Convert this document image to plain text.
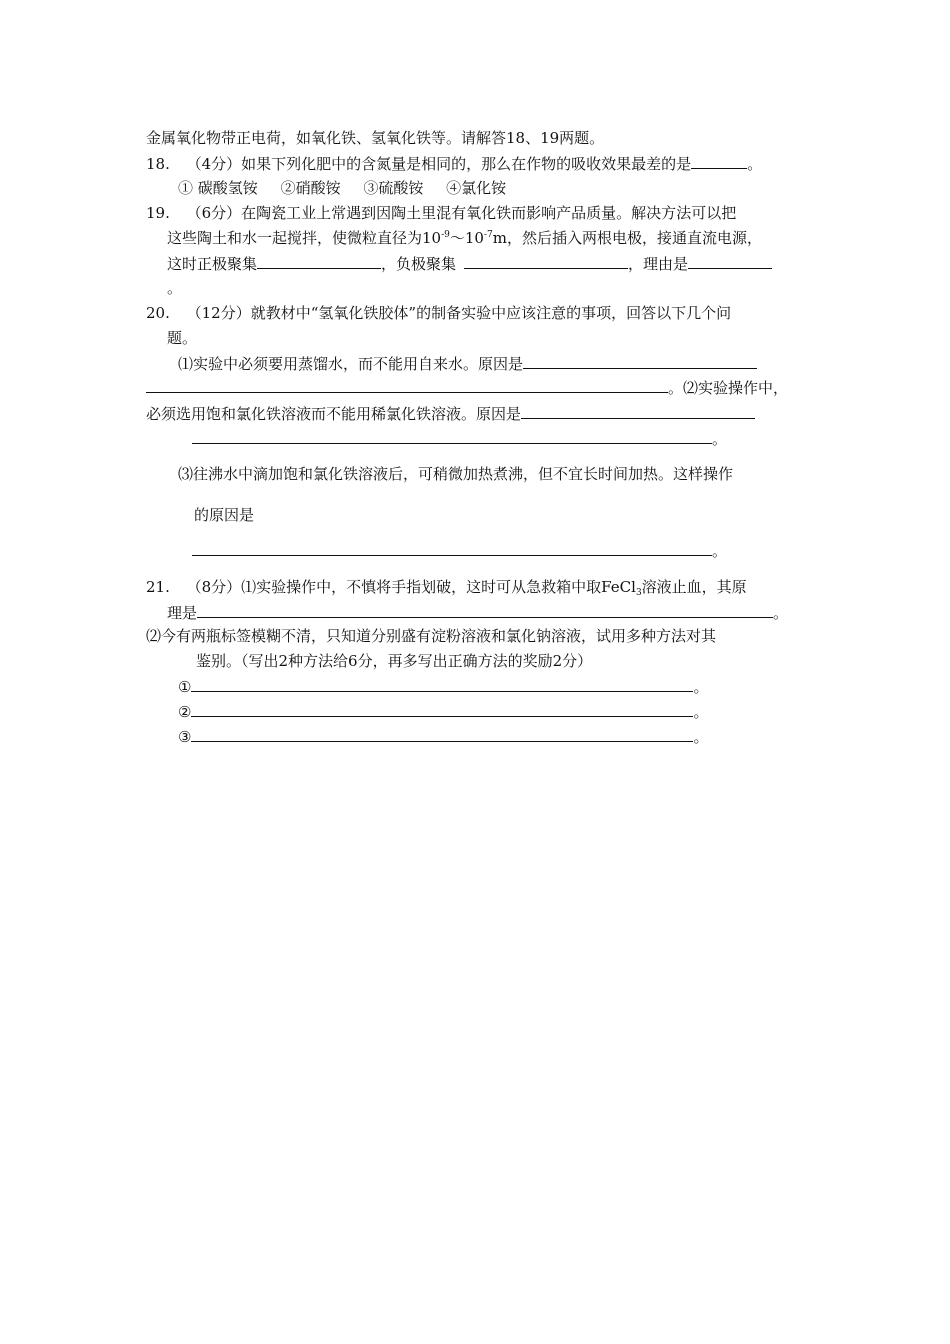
金属氧化物带正电荷，如氧化铁、氢氧化铁等。请解答18、19两题。
18. （4分）如果下列化肥中的含氮量是相同的，那么在作物的吸收效果最差的是	。
① 碳酸氢铵 ②硝酸铵 ③硫酸铵 ④氯化铵
19. （6分）在陶瓷工业上常遇到因陶土里混有氧化铁而影响产品质量。解决方法可以把
这些陶土和水一起搅拌，使微粒直径为$10^{-9}\sim 10^{-7}m$，然后插入两根电极，接通直流电源，
这时正极聚集	，负极聚集	，理由是
。
20. （12分）就教材中“氢氧化铁胶体”的制备实验中应该注意的事项，回答以下几个问
题。
⑴实验中必须要用蒸馏水，而不能用自来水。原因是
。⑵实验操作中，
必须选用饱和氯化铁溶液而不能用稀氯化铁溶液。原因是
。
⑶往沸水中滴加饱和氯化铁溶液后，可稍微加热煮沸，但不宜长时间加热。这样操作
的原因是
。
21. （8分）⑴实验操作中，不慎将手指划破，这时可从急救箱中取FeCl$_3$溶液止血，其原
理是	。
⑵今有两瓶标签模糊不清，只知道分别盛有淀粉溶液和氯化钠溶液，试用多种方法对其
鉴别。（写出2种方法给6分，再多写出正确方法的奖励2分）
①	。
②	。
③	。
